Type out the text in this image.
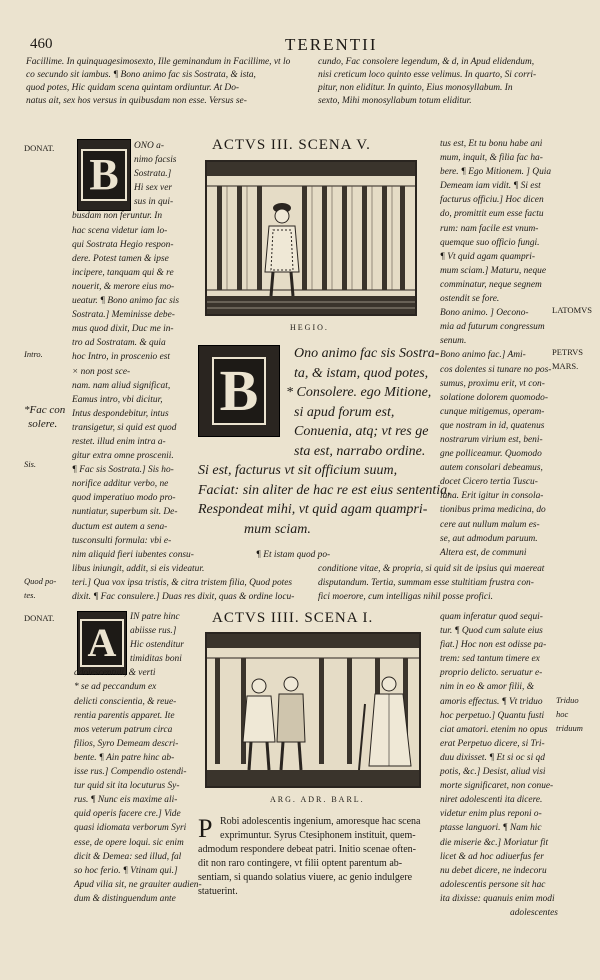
460	TERENTII
Facillime. In quinquagesimosexto, Ille geminandum in Facillime, vt lo
co secundo sit iambus. ¶ Bono animo fac sis Sostrata, & ista,
quod potes, Hic quidam scena quintam ordiuntur. At Do-
natus ait, sex hos versus in quibusdam non esse. Versus se-
cundo, Fac consolere legendum, & d, in Apud elidendum,
nisi creticum loco quinto esse velimus. In quarto, Si corri-
pitur, non eliditur. In quinto, Eius monosyllabum. In
sexto, Mihi monosyllabum totum eliditur.
DONAT.
B
ONO a-
nimo facsis
Sostrata.]
Hi sex ver
sus in qui-
busdam non feruntur. In
hac scena videtur iam lo-
qui Sostrata Hegio respon-
dere. Potest tamen & ipse
incipere, tanquam qui & re
nouerit, & merore eius mo-
ueatur. ¶ Bono animo fac sis
Sostrata.] Meminisse debe-
mus quod dixit, Duc me in-
tro ad Sostratam. & quia
hoc Intro, in proscenio est
× non post sce-
nam. nam aliud significat,
Eamus intro, vbi dicitur,
Intus despondebitur, intus
transigetur, si quid est quod
restet. illud enim intra a-
gitur extra omne proscenii.
¶ Fac sis Sostrata.] Sis ho-
norifice additur verbo, ne
quod imperatiuo modo pro-
nuntiatur, superbum sit. De-
ductum est autem a sena-
tusconsulti formula: vbi e-
nim aliquid fieri iubentes consu-
Intro.
*Fac con
solere.
Sis.
ACTVS III. SCENA V.
HEGIO.
B
Ono animo fac sis Sostra-
ta, & istam, quod potes,
* Consolere. ego Mitione,
si apud forum est,
Conuenia, atq; vt res ge
sta est, narrabo ordine.
Si est, facturus vt sit officium suum,
Faciat: sin aliter de hac re est eius sententia,
Respondeat mihi, vt quid agam quampri-
mum sciam.
tus est, Et tu bonu habe ani
mum, inquit, & filia fac ha-
bere. ¶ Ego Mitionem. ] Quia
Demeam iam vidit. ¶ Si est
facturus officiu.] Hoc dicen
do, promittit eum esse factu
rum: nam facile est vnum-
quemque suo officio fungi.
¶ Vt quid agam quampri-
mum sciam.] Maturu, neque
comminatur, neque segnem
ostendit se fore.
Bono animo. ] Oecono-
mia ad futurum congressum
senum.
Bono animo fac.] Ami-
cos dolentes si tunare no pos-
sumus, proximu erit, vt con-
solatione dolorem quomodo-
cunque mitigemus, operam-
que nostram in id, quatenus
nostrarum virium est, beni-
gne polliceamur. Quomodo
autem consolari debeamus,
docet Cicero tertia Tuscu-
lana. Erit igitur in consola-
tionibus prima medicina, do
cere aut nullum malum es-
se, aut admodum paruum.
Altera est, de communi
LATOMVS
PETRVS
MARS.
libus iniungit, addit, si eis videatur.
teri.] Qua vox ipsa tristis, & citra tristem filia, Quod potes
dixit. ¶ Fac consulere.] Duas res dixit, quas & ordine locu-
¶ Et istam quod po-
conditione vitae, & propria, si quid sit de ipsius qui maereat
disputandum. Tertia, summam esse stultitiam frustra con-
fici moerore, cum intelligas nihil posse profici.
Quod po-
tes.
DONAT.
A
IN patre hinc
abiisse rus.]
Hic ostenditur
timiditas boni
adolescentuli, & verti
* se ad peccandum ex
delicti conscientia, & reue-
rentia parentis apparet. Ite
mos veterum patrum circa
filios, Syro Demeam descri-
bente. ¶ Ain patre hinc ab-
isse rus.] Compendio ostendi-
tur quid sit ita locuturus Sy-
rus. ¶ Nunc eis maxime ali-
quid operis facere cre.] Vide
quasi idiomata verborum Syri
esse, de opere loqui. sic enim
dicit & Demea: sed illud, fal
so hoc ferio. ¶ Vtinam qui.]
Apud vilia sit, ne grauiter audien-
dum & distinguendum ante
ACTVS IIII. SCENA I.
ARG. ADR. BARL.
P Robi adolescentis ingenium, amoresque hac scena
exprimuntur. Syrus Ctesiphonem instituit, quem-
admodum respondere debeat patri. Initio scenae often-
dit non raro contingere, vt filii optent parentum ab-
sentiam, si quando solatius viuere, ac genio indulgere
statuerint.
quam inferatur quod sequi-
tur. ¶ Quod cum salute eius
fiat.] Hoc non est odisse pa-
trem: sed tantum timere ex
proprio delicto. seruatur e-
nim in eo & amor filii, &
amoris effectus. ¶ Vt triduo
hoc perpetuo.] Quantu fusti
ciat amatori. etenim no opus
erat Perpetuo dicere, si Tri-
duu dixisset. ¶ Et si oc si qd
potis, &c.] Desist, aliud visi
morte significaret, non conue-
niret adolescenti ita dicere.
videtur enim plus reponi o-
ptasse languori. ¶ Nam hic
die miserie &c.] Moriatur fit
licet & ad hoc adiuerfus fer
nu debet dicere, ne indecoru
adolescentis persone sit hac
ita dixisse: quanuis enim modi
adolescentes
Triduo
hoc
triduum
